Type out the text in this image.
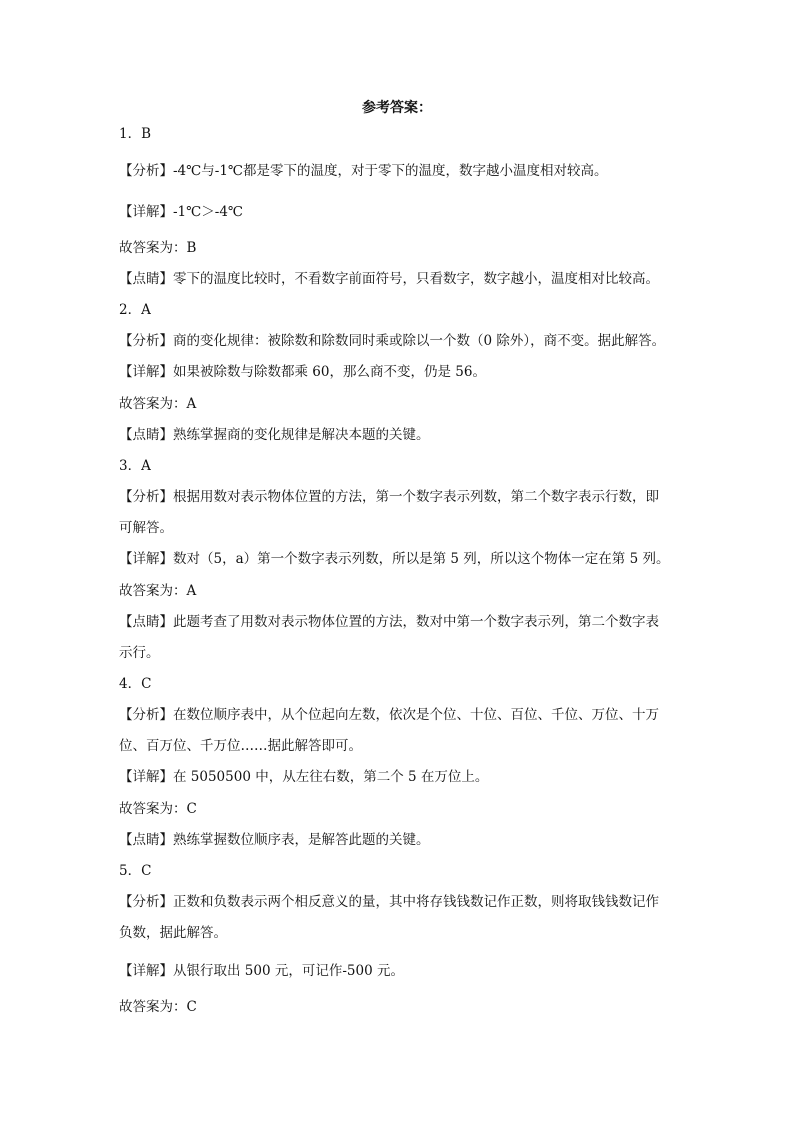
参考答案：
1．B
【分析】-4℃与-1℃都是零下的温度，对于零下的温度，数字越小温度相对较高。
【详解】-1℃＞-4℃
故答案为：B
【点睛】零下的温度比较时，不看数字前面符号，只看数字，数字越小，温度相对比较高。
2．A
【分析】商的变化规律：被除数和除数同时乘或除以一个数（0 除外），商不变。据此解答。
【详解】如果被除数与除数都乘 60，那么商不变，仍是 56。
故答案为：A
【点睛】熟练掌握商的变化规律是解决本题的关键。
3．A
【分析】根据用数对表示物体位置的方法，第一个数字表示列数，第二个数字表示行数，即
可解答。
【详解】数对（5，a）第一个数字表示列数，所以是第 5 列，所以这个物体一定在第 5 列。
故答案为：A
【点睛】此题考查了用数对表示物体位置的方法，数对中第一个数字表示列，第二个数字表
示行。
4．C
【分析】在数位顺序表中，从个位起向左数，依次是个位、十位、百位、千位、万位、十万
位、百万位、千万位……据此解答即可。
【详解】在 5050500 中，从左往右数，第二个 5 在万位上。
故答案为：C
【点睛】熟练掌握数位顺序表，是解答此题的关键。
5．C
【分析】正数和负数表示两个相反意义的量，其中将存钱钱数记作正数，则将取钱钱数记作
负数，据此解答。
【详解】从银行取出 500 元，可记作-500 元。
故答案为：C
